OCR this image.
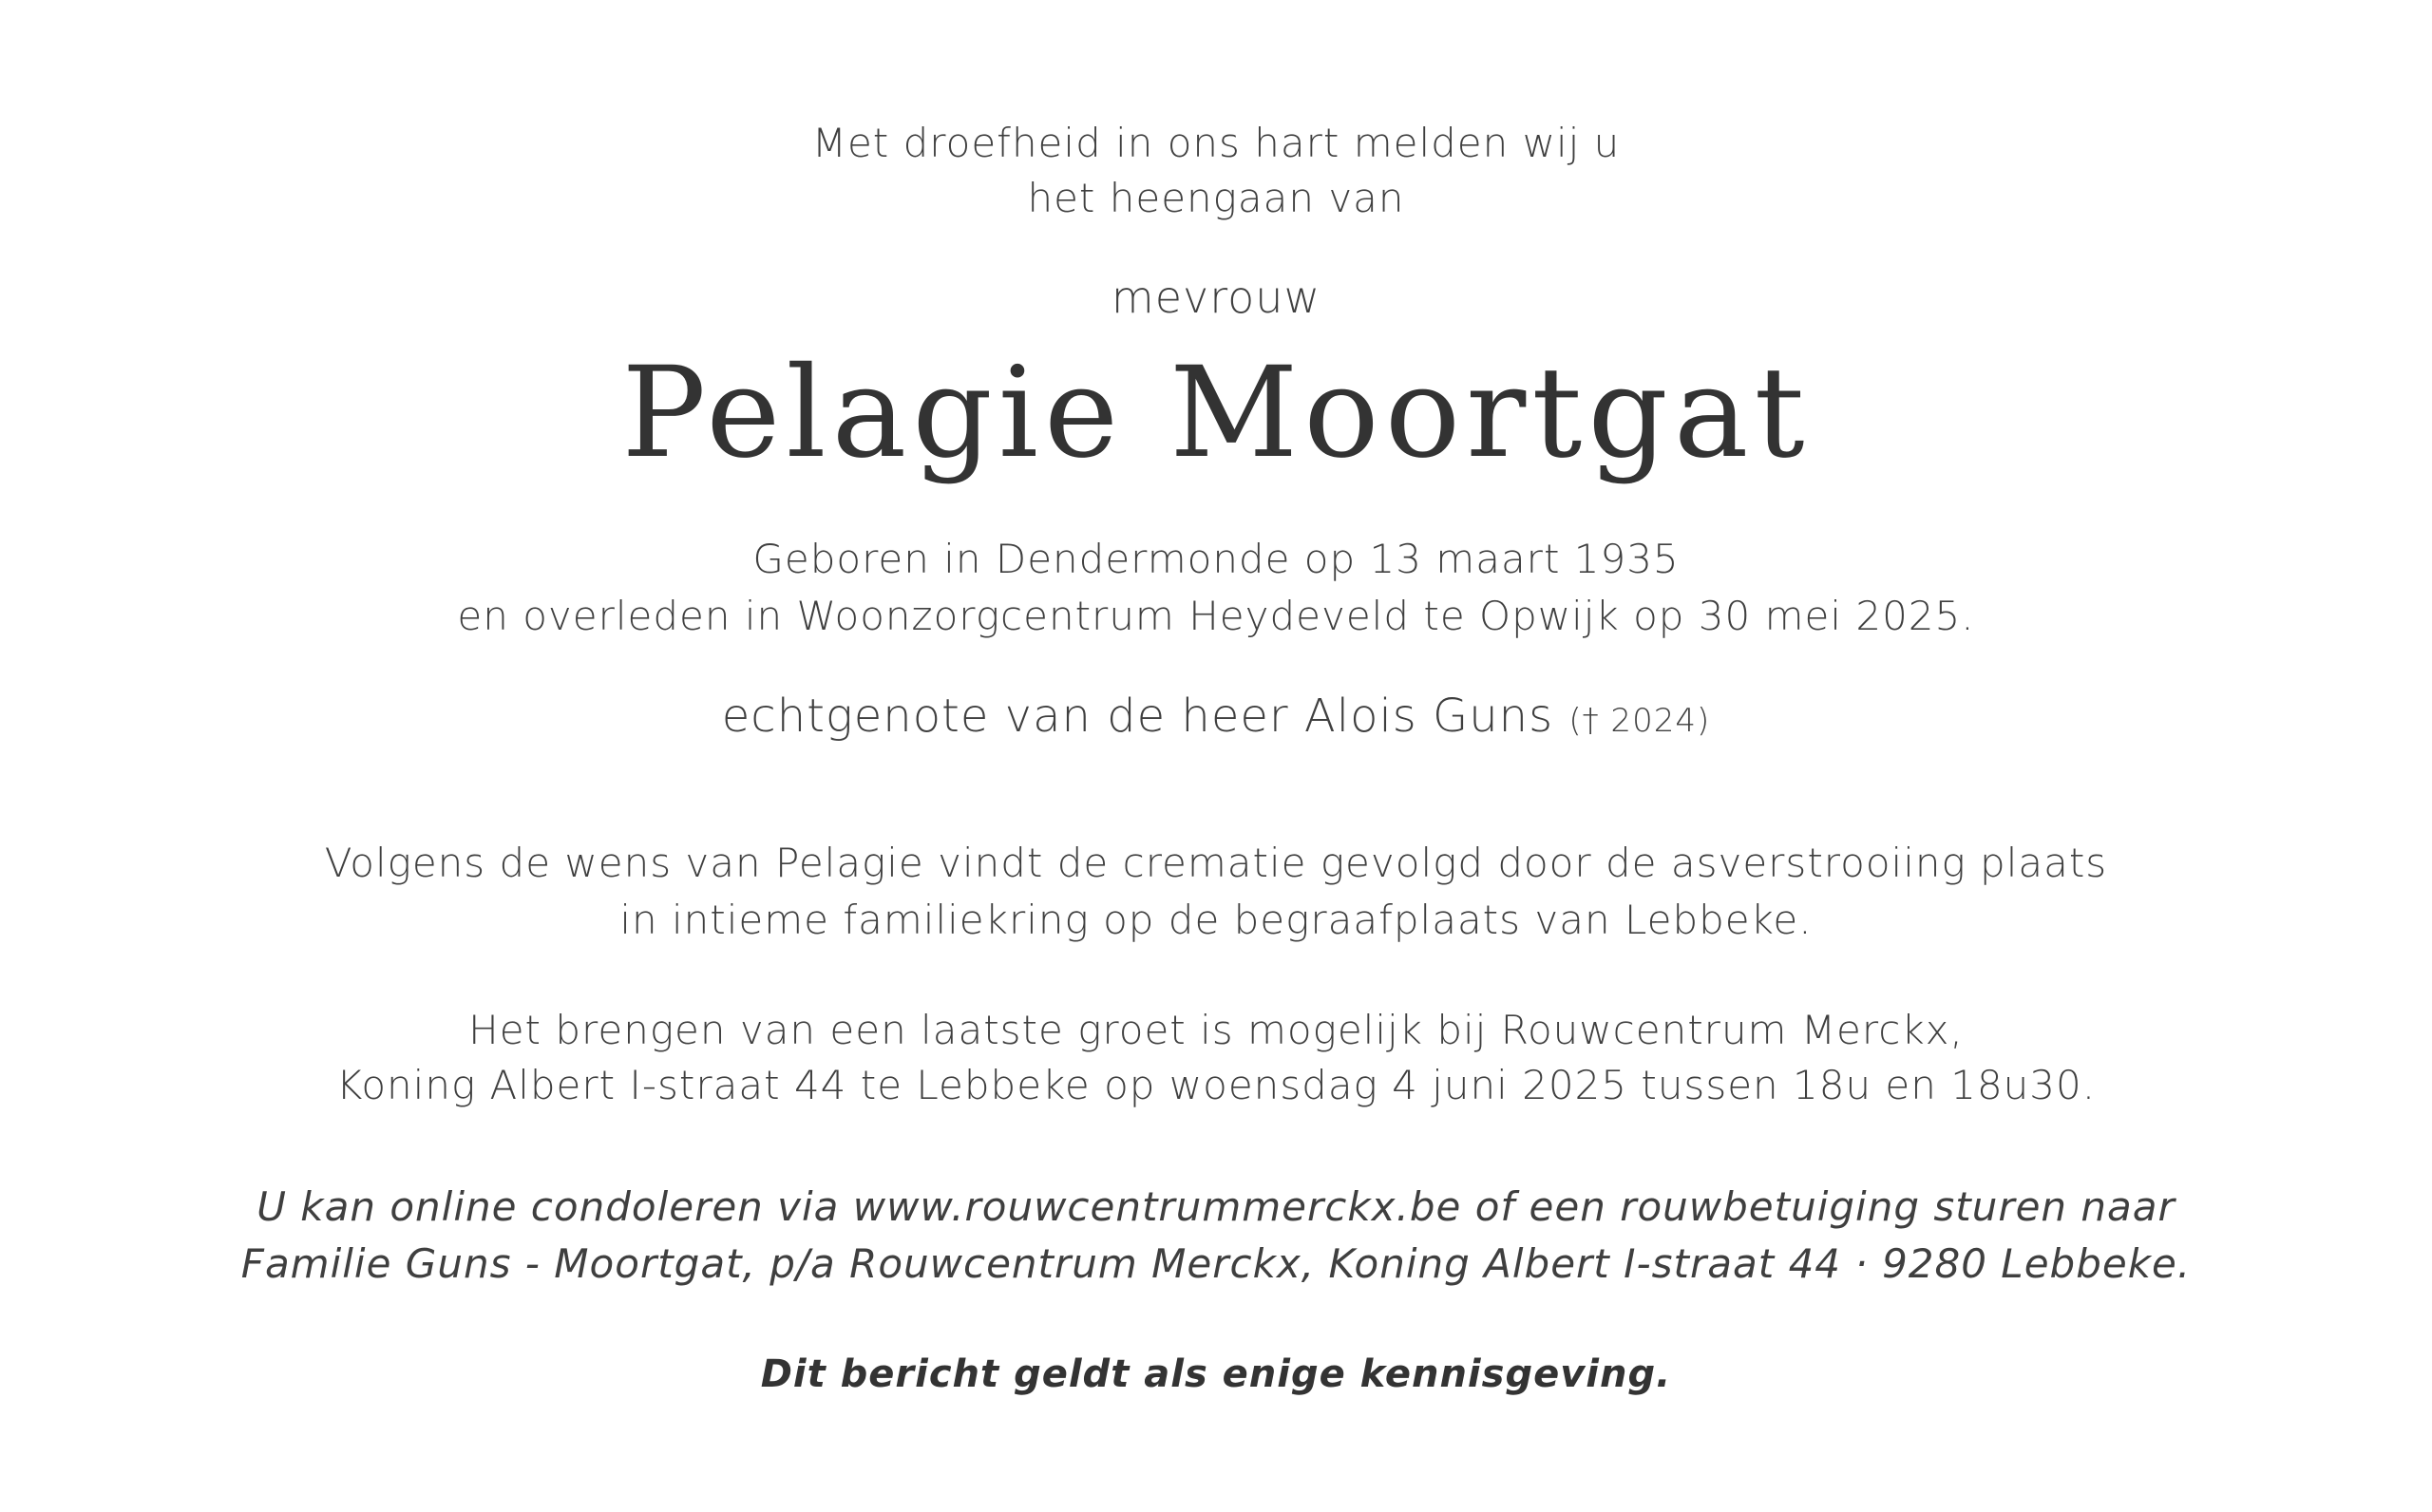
Met droefheid in ons hart melden wij u
het heengaan van
mevrouw
Pelagie Moortgat
Geboren in Dendermonde op 13 maart 1935
en overleden in Woonzorgcentrum Heydeveld te Opwijk op 30 mei 2025.
echtgenote van de heer Alois Guns († 2024)
Volgens de wens van Pelagie vindt de crematie gevolgd door de asverstrooiing plaats
in intieme familiekring op de begraafplaats van Lebbeke.
Het brengen van een laatste groet is mogelijk bij Rouwcentrum Merckx,
Koning Albert I-straat 44 te Lebbeke op woensdag 4 juni 2025 tussen 18u en 18u30.
U kan online condoleren via www.rouwcentrummerckx.be of een rouwbetuiging sturen naar
Familie Guns - Moortgat, p/a Rouwcentrum Merckx, Koning Albert I-straat 44 · 9280 Lebbeke.
Dit bericht geldt als enige kennisgeving.
